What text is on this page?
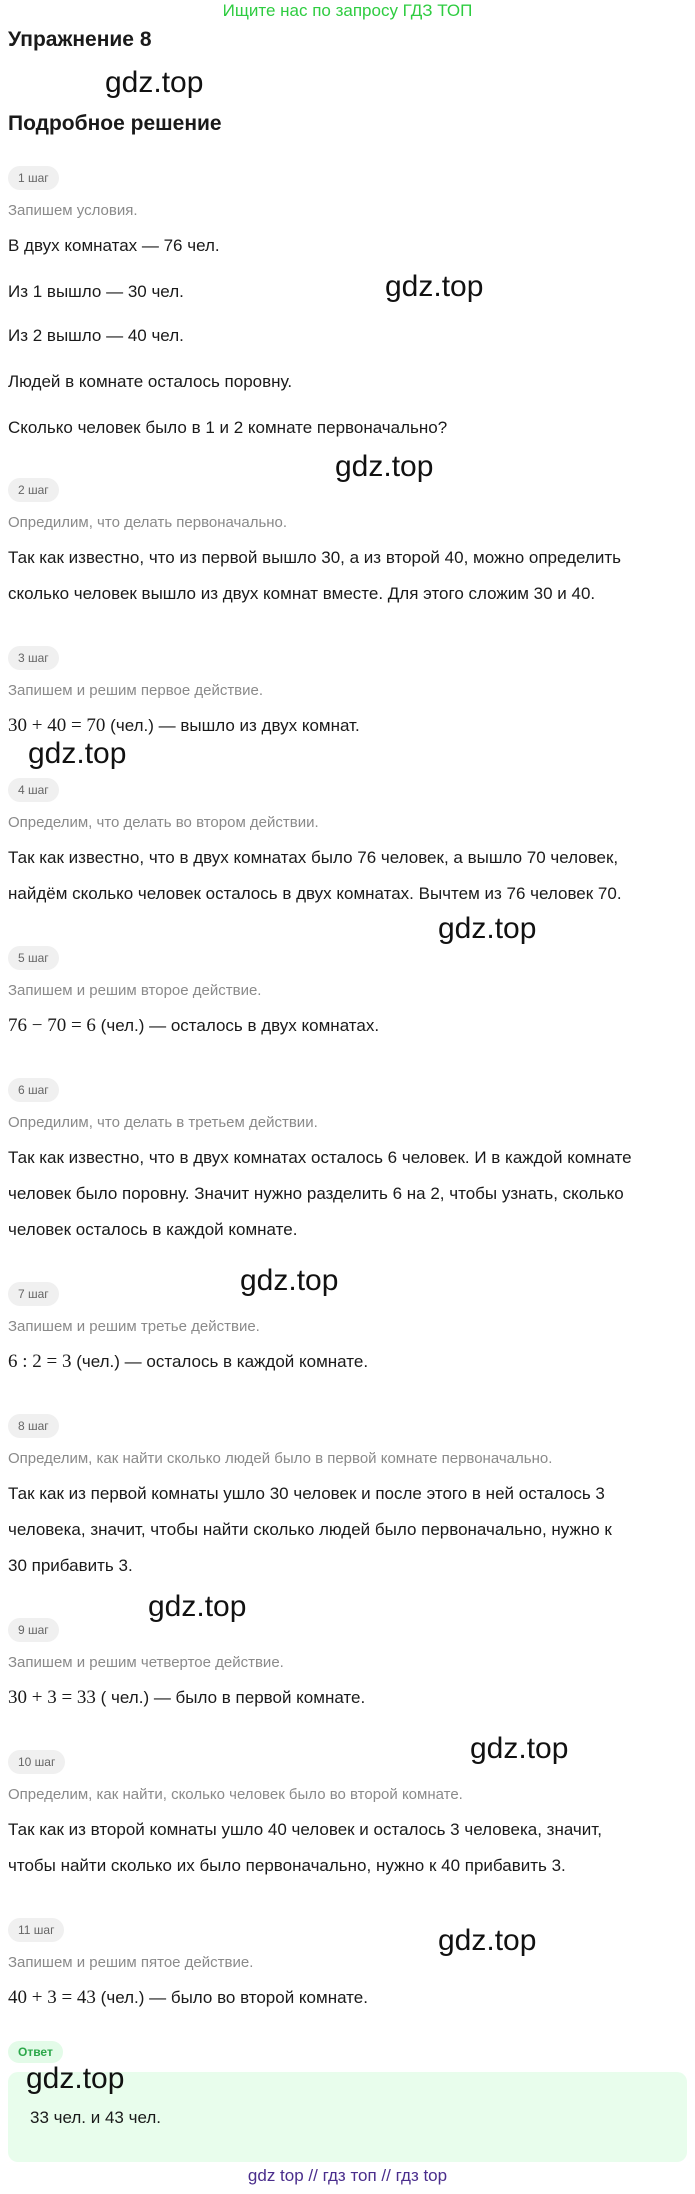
Ищите нас по запросу ГДЗ ТОП
Упражнение 8
gdz.top
Подробное решение
1 шаг
Запишем условия.
В двух комнатах — 76 чел.
Из 1 вышло — 30 чел.	gdz.top
Из 2 вышло — 40 чел.
Людей в комнате осталось поровну.
Сколько человек было в 1 и 2 комнате первоначально?
gdz.top
2 шаг
Опредилим, что делать первоначально.
Так как известно, что из первой вышло 30, а из второй 40, можно определить
сколько человек вышло из двух комнат вместе. Для этого сложим 30 и 40.
3 шаг
Запишем и решим первое действие.
30 + 40 = 70 (чел.) — вышло из двух комнат.
gdz.top
4 шаг
Определим, что делать во втором действии.
Так как известно, что в двух комнатах было 76 человек, а вышло 70 человек,
найдём сколько человек осталось в двух комнатах. Вычтем из 76 человек 70.
gdz.top
5 шаг
Запишем и решим второе действие.
76 − 70 = 6 (чел.) — осталось в двух комнатах.
6 шаг
Опредилим, что делать в третьем действии.
Так как известно, что в двух комнатах осталось 6 человек. И в каждой комнате
человек было поровну. Значит нужно разделить 6 на 2, чтобы узнать, сколько
человек осталось в каждой комнате.
7 шаг	gdz.top
Запишем и решим третье действие.
6 : 2 = 3 (чел.) — осталось в каждой комнате.
8 шаг
Определим, как найти сколько людей было в первой комнате первоначально.
Так как из первой комнаты ушло 30 человек и после этого в ней осталось 3
человека, значит, чтобы найти сколько людей было первоначально, нужно к
30 прибавить 3.
gdz.top
9 шаг
Запишем и решим четвертое действие.
30 + 3 = 33 ( чел.) — было в первой комнате.
10 шаг	gdz.top
Определим, как найти, сколько человек было во второй комнате.
Так как из второй комнаты ушло 40 человек и осталось 3 человека, значит,
чтобы найти сколько их было первоначально, нужно к 40 прибавить 3.
11 шаг	gdz.top
Запишем и решим пятое действие.
40 + 3 = 43 (чел.) — было во второй комнате.
Ответ
gdz.top
33 чел. и 43 чел.
gdz top // гдз топ // гдз top
